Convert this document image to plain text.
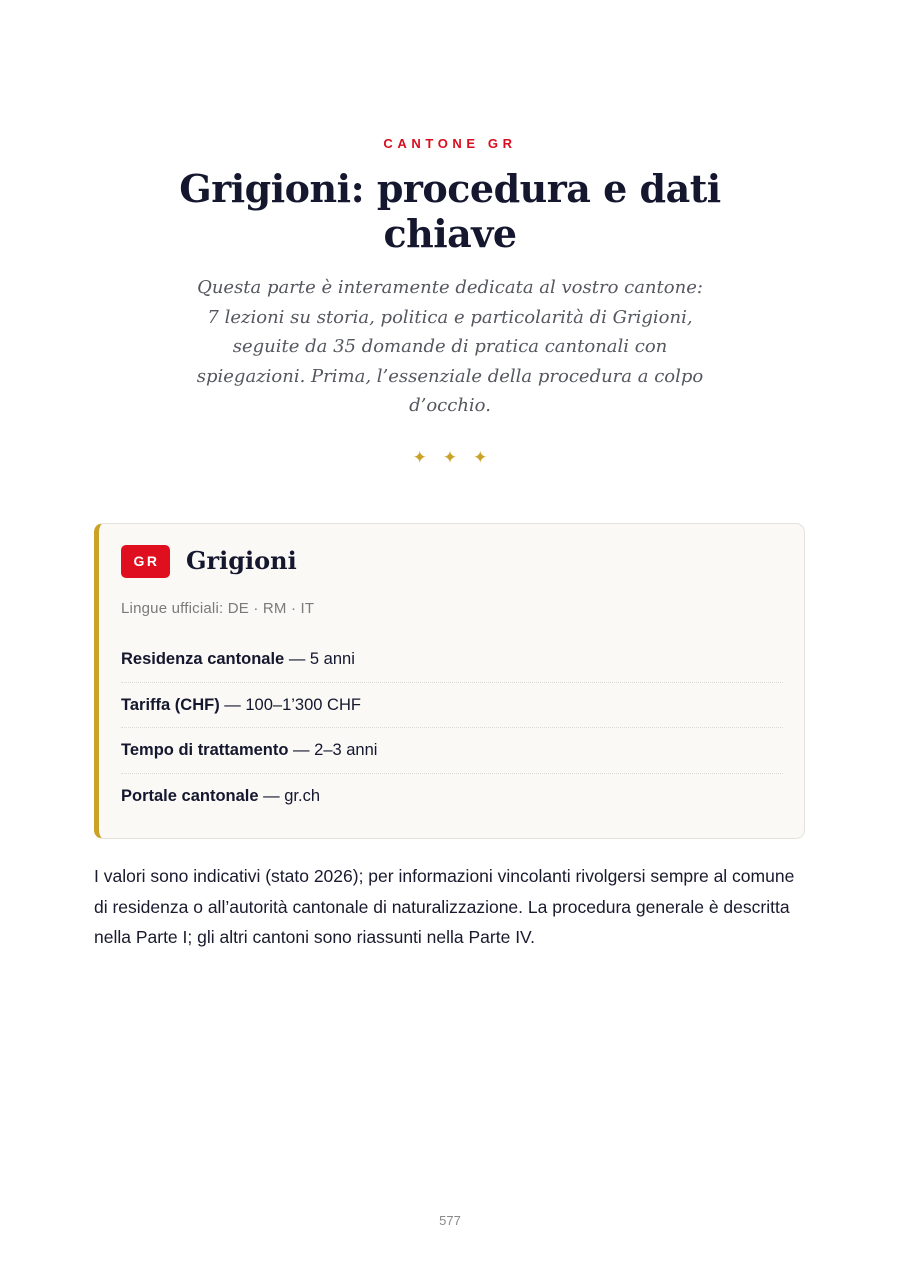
CANTONE GR
Grigioni: procedura e dati chiave

Questa parte è interamente dedicata al vostro cantone: 7 lezioni su storia, politica e particolarità di Grigioni, seguite da 35 domande di pratica cantonali con spiegazioni. Prima, l’essenziale della procedura a colpo d’occhio.

✦✦✦
GR	Grigioni
Lingue ufficiali: DE · RM · IT
Residenza cantonale — 5 anni
Tariffa (CHF) — 100–1’300 CHF
Tempo di trattamento — 2–3 anni
Portale cantonale — gr.ch

I valori sono indicativi (stato 2026); per informazioni vincolanti rivolgersi sempre al comune di residenza o all’autorità cantonale di naturalizzazione. La procedura generale è descritta nella Parte I; gli altri cantoni sono riassunti nella Parte IV.

577
